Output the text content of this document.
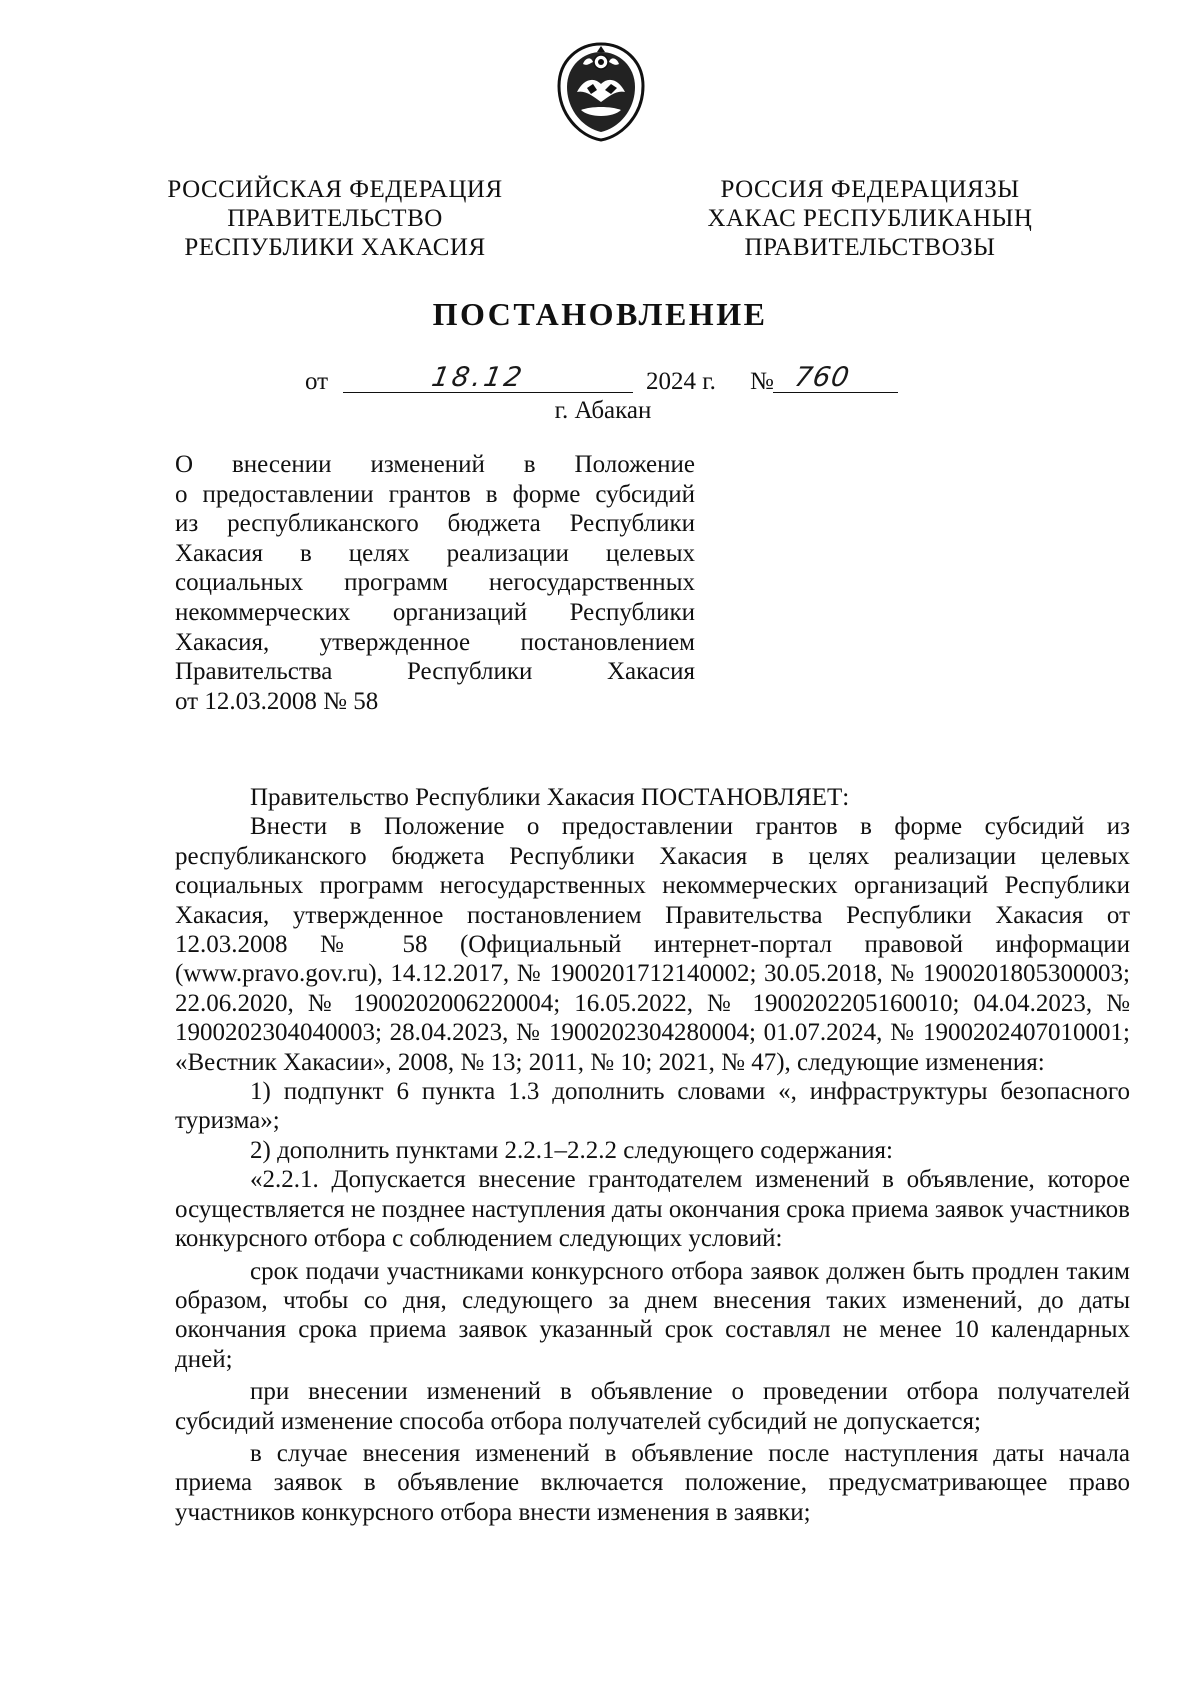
РОССИЙСКАЯ ФЕДЕРАЦИЯ
ПРАВИТЕЛЬСТВО
РЕСПУБЛИКИ ХАКАСИЯ
РОССИЯ ФЕДЕРАЦИЯЗЫ
ХАКАС РЕСПУБЛИКАНЫҢ
ПРАВИТЕЛЬСТВОЗЫ
ПОСТАНОВЛЕНИЕ
от	18.12	2024 г. № 760
г. Абакан
О внесении изменений в Положение
о предоставлении грантов в форме субсидий
из республиканского бюджета Республики
Хакасия в целях реализации целевых
социальных программ негосударственных
некоммерческих организаций Республики
Хакасия, утвержденное постановлением
Правительства Республики Хакасия
от 12.03.2008 № 58

Правительство Республики Хакасия ПОСТАНОВЛЯЕТ:

Внести в Положение о предоставлении грантов в форме субсидий из республиканского бюджета Республики Хакасия в целях реализации целевых социальных программ негосударственных некоммерческих организаций Республики Хакасия, утвержденное постановлением Правительства Республики Хакасия от 12.03.2008 № 58 (Официальный интернет-портал правовой информации (www.pravo.gov.ru), 14.12.2017, № 1900201712140002; 30.05.2018, № 1900201805300003; 22.06.2020, № 1900202006220004; 16.05.2022, № 1900202205160010; 04.04.2023, № 1900202304040003; 28.04.2023, № 1900202304280004; 01.07.2024, № 1900202407010001; «Вестник Хакасии», 2008, № 13; 2011, № 10; 2021, № 47), следующие изменения:

1) подпункт 6 пункта 1.3 дополнить словами «, инфраструктуры безопасного туризма»;

2) дополнить пунктами 2.2.1–2.2.2 следующего содержания:

«2.2.1. Допускается внесение грантодателем изменений в объявление, которое осуществляется не позднее наступления даты окончания срока приема заявок участников конкурсного отбора с соблюдением следующих условий:

срок подачи участниками конкурсного отбора заявок должен быть продлен таким образом, чтобы со дня, следующего за днем внесения таких изменений, до даты окончания срока приема заявок указанный срок составлял не менее 10 календарных дней;

при внесении изменений в объявление о проведении отбора получателей субсидий изменение способа отбора получателей субсидий не допускается;

в случае внесения изменений в объявление после наступления даты начала приема заявок в объявление включается положение, предусматривающее право участников конкурсного отбора внести изменения в заявки;
